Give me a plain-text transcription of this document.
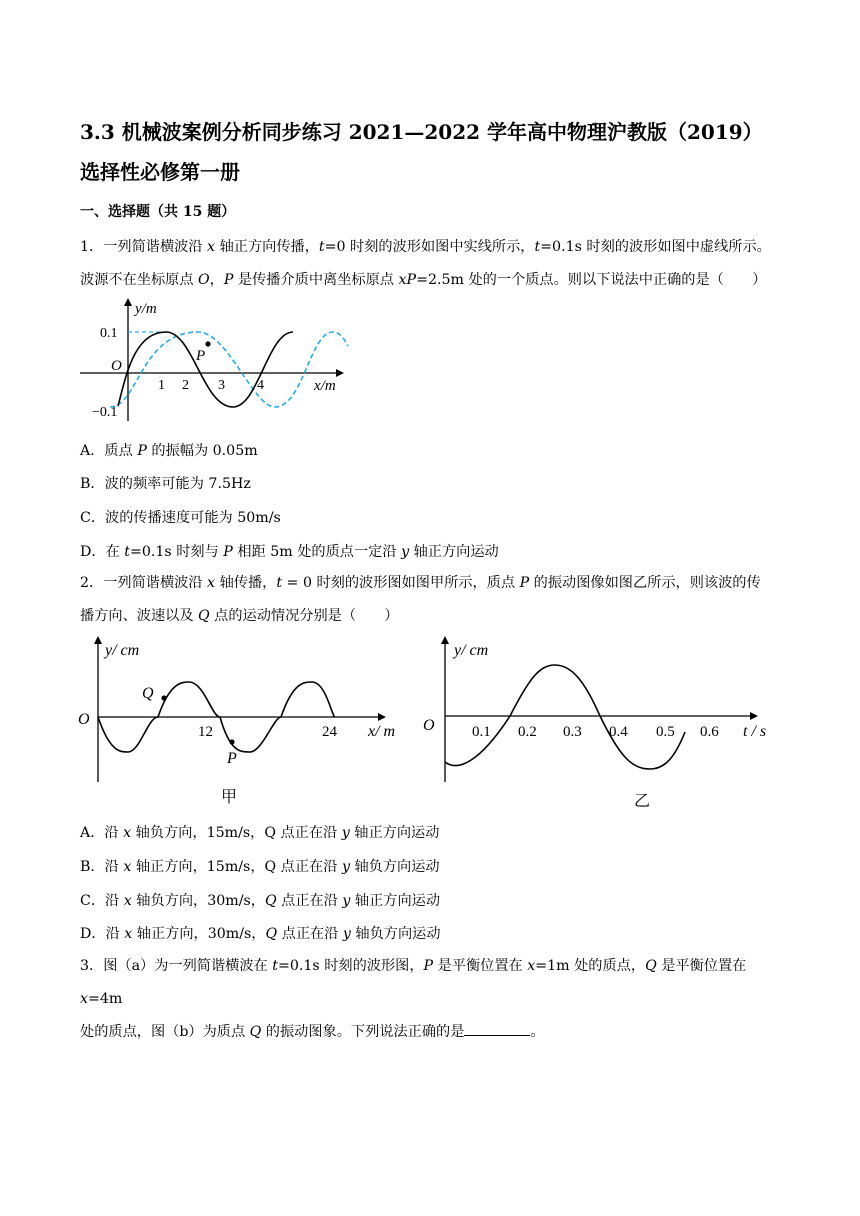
3.3 机械波案例分析同步练习 2021—2022 学年高中物理沪教版（2019）
选择性必修第一册

一、选择题（共 15 题）

1．一列简谐横波沿 x 轴正方向传播，t=0 时刻的波形如图中实线所示，t=0.1s 时刻的波形如图中虚线所示。
波源不在坐标原点 O，P 是传播介质中离坐标原点 xP=2.5m 处的一个质点。则以下说法中正确的是（　　）

y/m
x/m
O
P
0.1
−0.1
1 2 3 4

A．质点 P 的振幅为 0.05m

B．波的频率可能为 7.5Hz

C．波的传播速度可能为 50m/s

D．在 t=0.1s 时刻与 P 相距 5m 处的质点一定沿 y 轴正方向运动

2．一列简谐横波沿 x 轴传播，t = 0 时刻的波形图如图甲所示，质点 P 的振动图像如图乙所示，则该波的传
播方向、波速以及 Q 点的运动情况分别是（　　）

y/ cm
x/ m
O
Q
P
12	24
甲
y/ cm
t / s
O 0.1 0.2 0.3 0.4 0.5 0.6
乙

A．沿 x 轴负方向，15m/s，Q 点正在沿 y 轴正方向运动

B．沿 x 轴正方向，15m/s，Q 点正在沿 y 轴负方向运动

C．沿 x 轴负方向，30m/s，Q 点正在沿 y 轴正方向运动

D．沿 x 轴正方向，30m/s，Q 点正在沿 y 轴负方向运动

3．图（a）为一列简谐横波在 t=0.1s 时刻的波形图，P 是平衡位置在 x=1m 处的质点，Q 是平衡位置在 x=4m
处的质点，图（b）为质点 Q 的振动图象。下列说法正确的是	。
